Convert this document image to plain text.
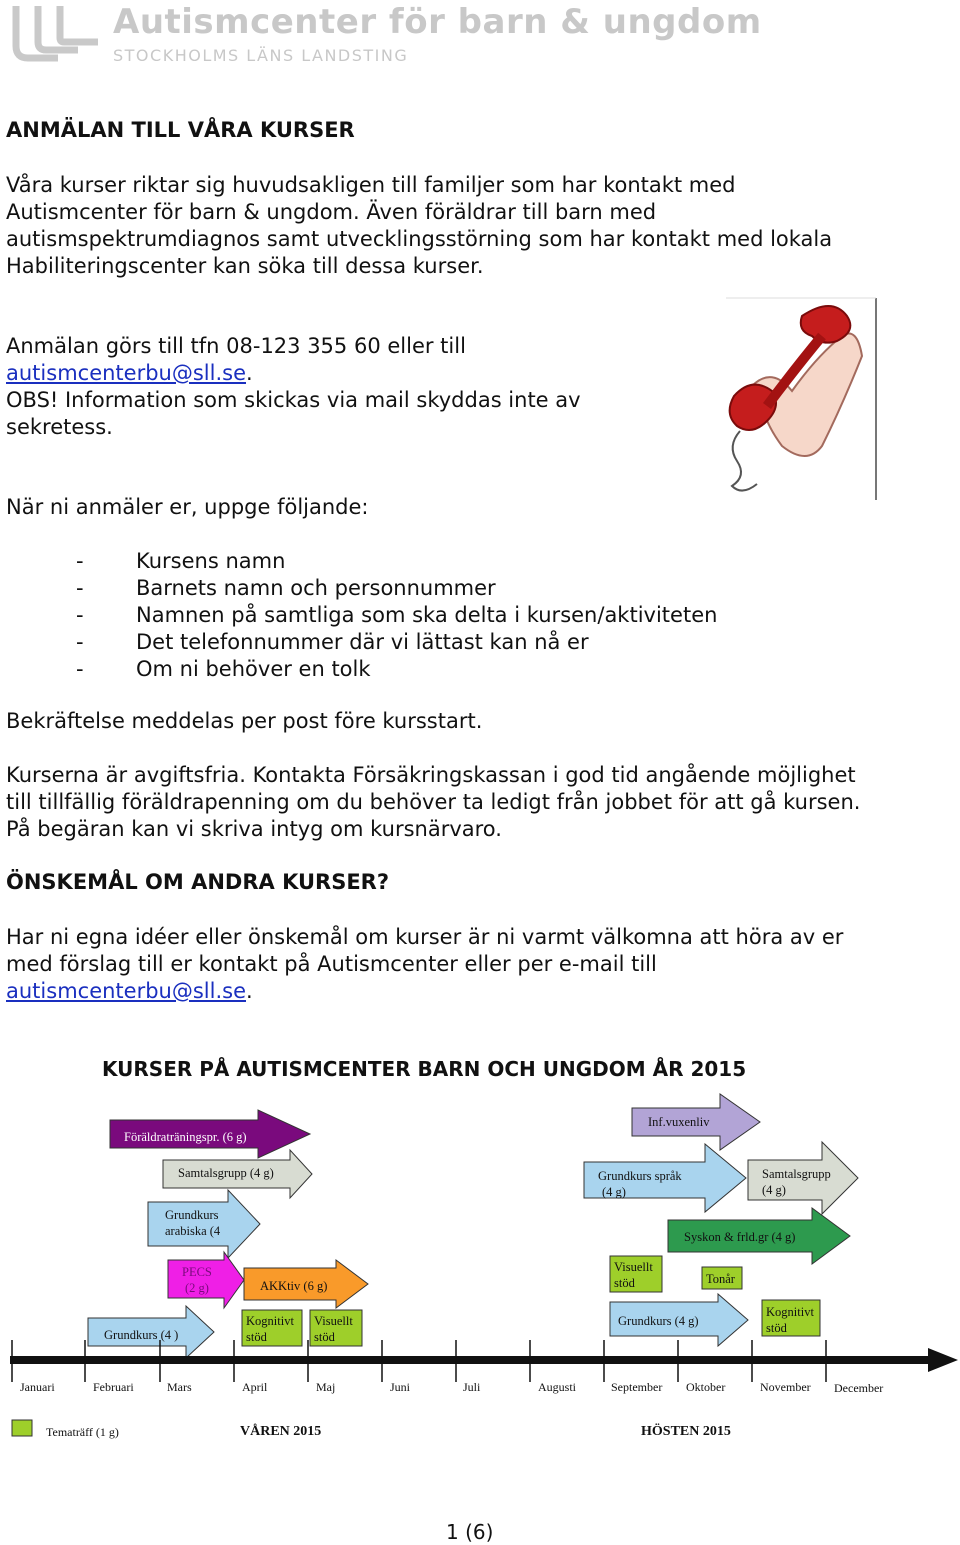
Autismcenter för barn & ungdom
STOCKHOLMS LÄNS LANDSTING
ANMÄLAN TILL VÅRA KURSER

Våra kurser riktar sig huvudsakligen till familjer som har kontakt med

Autismcenter för barn & ungdom. Även föräldrar till barn med

autismspektrumdiagnos samt utvecklingsstörning som har kontakt med lokala

Habiliteringscenter kan söka till dessa kurser.

Anmälan görs till tfn 08-123 355 60 eller till

autismcenterbu@sll.se.

OBS! Information som skickas via mail skyddas inte av

sekretess.

När ni anmäler er, uppge följande:
- Kursens namn

- Barnets namn och personnummer

- Namnen på samtliga som ska delta i kursen/aktiviteten

- Det telefonnummer där vi lättast kan nå er

- Om ni behöver en tolk

Bekräftelse meddelas per post före kursstart.

Kurserna är avgiftsfria. Kontakta Försäkringskassan i god tid angående möjlighet

till tillfällig föräldrapenning om du behöver ta ledigt från jobbet för att gå kursen.

På begäran kan vi skriva intyg om kursnärvaro.

ÖNSKEMÅL OM ANDRA KURSER?

Har ni egna idéer eller önskemål om kurser är ni varmt välkomna att höra av er

med förslag till er kontakt på Autismcenter eller per e-mail till

autismcenterbu@sll.se.

KURSER PÅ AUTISMCENTER BARN OCH UNGDOM ÅR 2015
Föräldraträningspr. (6 g)
Inf.vuxenliv
Samtalsgrupp (4 g)	Grundkurs språk
(4 g)
Samtalsgrupp
(4 g)
Grundkurs
arabiska (4	Syskon & frld.gr (4 g)
PECS
(2 g)	AKKtiv (6 g)
Visuellt
stöd	Tonår
Grundkurs (4 )
Kognitivt
stöd
Visuellt
stöd
Grundkurs (4 g)
Kognitivt
stöd
Januari	Februari	Mars	April	Maj	Juni	Juli	Augusti	September Oktober	November December
Tematräff (1 g)	VÅREN 2015	HÖSTEN 2015
1 (6)
